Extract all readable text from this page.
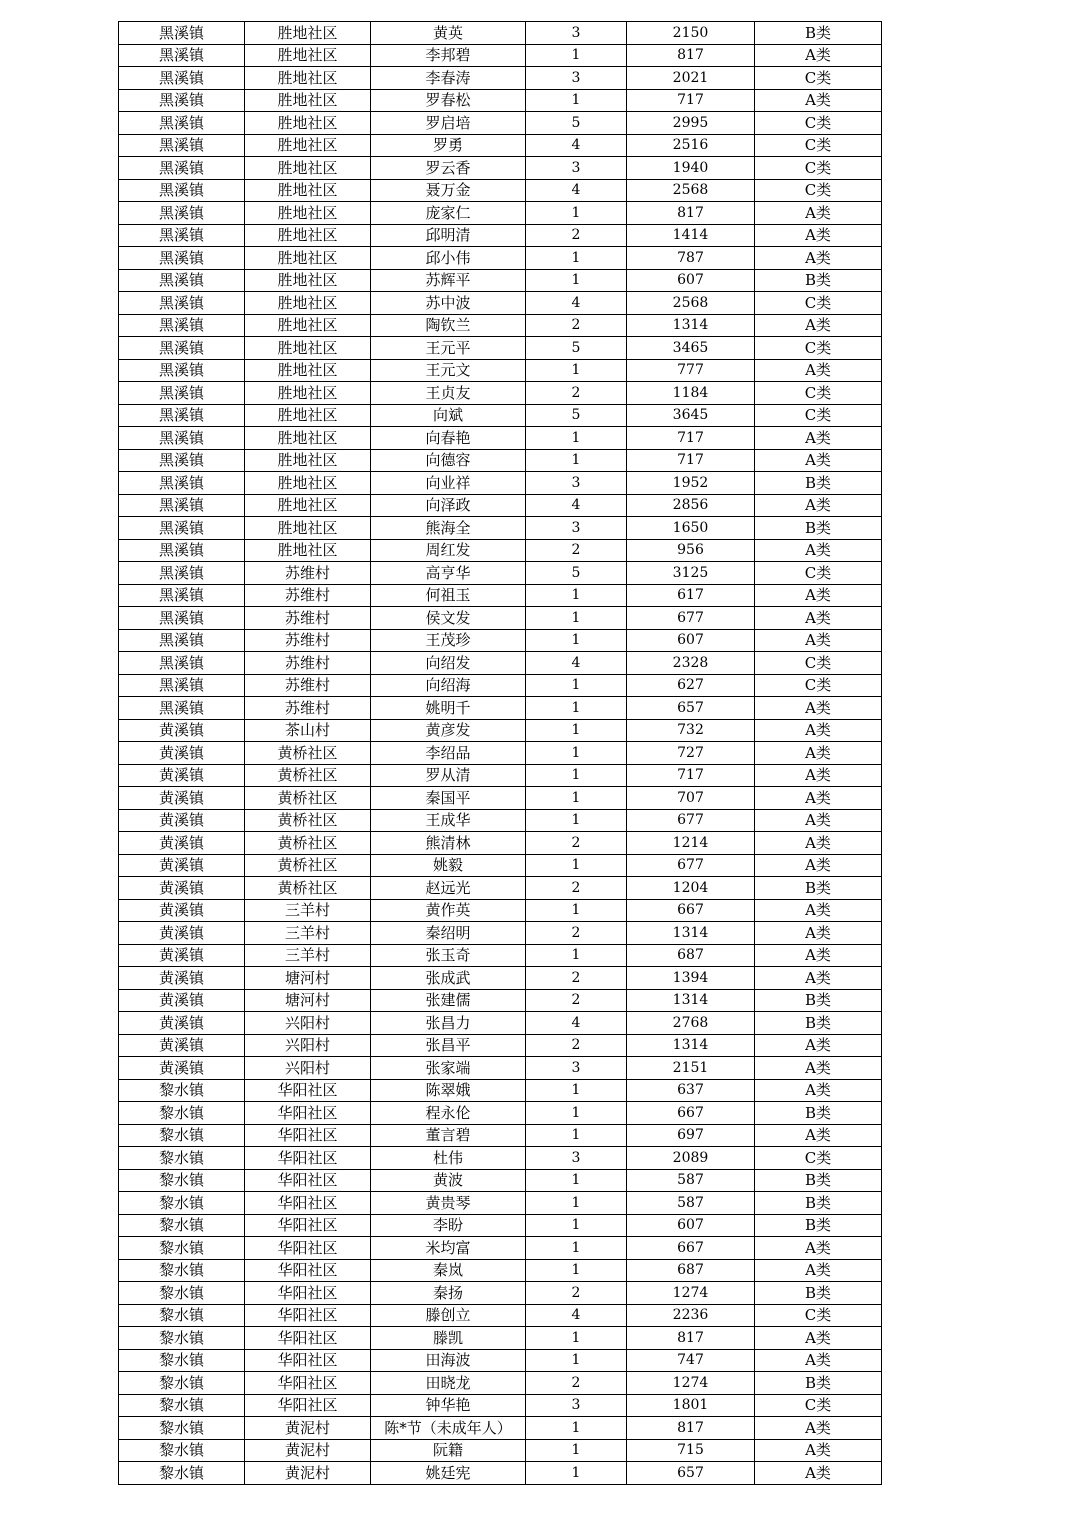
黑溪镇	胜地社区	黄英	3	2150	B类
黑溪镇	胜地社区	李邦碧	1	817	A类
黑溪镇	胜地社区	李春涛	3	2021	C类
黑溪镇	胜地社区	罗春松	1	717	A类
黑溪镇	胜地社区	罗启培	5	2995	C类
黑溪镇	胜地社区	罗勇	4	2516	C类
黑溪镇	胜地社区	罗云香	3	1940	C类
黑溪镇	胜地社区	聂万金	4	2568	C类
黑溪镇	胜地社区	庞家仁	1	817	A类
黑溪镇	胜地社区	邱明清	2	1414	A类
黑溪镇	胜地社区	邱小伟	1	787	A类
黑溪镇	胜地社区	苏辉平	1	607	B类
黑溪镇	胜地社区	苏中波	4	2568	C类
黑溪镇	胜地社区	陶钦兰	2	1314	A类
黑溪镇	胜地社区	王元平	5	3465	C类
黑溪镇	胜地社区	王元文	1	777	A类
黑溪镇	胜地社区	王贞友	2	1184	C类
黑溪镇	胜地社区	向斌	5	3645	C类
黑溪镇	胜地社区	向春艳	1	717	A类
黑溪镇	胜地社区	向德容	1	717	A类
黑溪镇	胜地社区	向业祥	3	1952	B类
黑溪镇	胜地社区	向泽政	4	2856	A类
黑溪镇	胜地社区	熊海全	3	1650	B类
黑溪镇	胜地社区	周红发	2	956	A类
黑溪镇	苏维村	高亨华	5	3125	C类
黑溪镇	苏维村	何祖玉	1	617	A类
黑溪镇	苏维村	侯文发	1	677	A类
黑溪镇	苏维村	王茂珍	1	607	A类
黑溪镇	苏维村	向绍发	4	2328	C类
黑溪镇	苏维村	向绍海	1	627	C类
黑溪镇	苏维村	姚明千	1	657	A类
黄溪镇	茶山村	黄彦发	1	732	A类
黄溪镇	黄桥社区	李绍品	1	727	A类
黄溪镇	黄桥社区	罗从清	1	717	A类
黄溪镇	黄桥社区	秦国平	1	707	A类
黄溪镇	黄桥社区	王成华	1	677	A类
黄溪镇	黄桥社区	熊清林	2	1214	A类
黄溪镇	黄桥社区	姚毅	1	677	A类
黄溪镇	黄桥社区	赵远光	2	1204	B类
黄溪镇	三羊村	黄作英	1	667	A类
黄溪镇	三羊村	秦绍明	2	1314	A类
黄溪镇	三羊村	张玉奇	1	687	A类
黄溪镇	塘河村	张成武	2	1394	A类
黄溪镇	塘河村	张建儒	2	1314	B类
黄溪镇	兴阳村	张昌力	4	2768	B类
黄溪镇	兴阳村	张昌平	2	1314	A类
黄溪镇	兴阳村	张家端	3	2151	A类
黎水镇	华阳社区	陈翠娥	1	637	A类
黎水镇	华阳社区	程永伦	1	667	B类
黎水镇	华阳社区	董言碧	1	697	A类
黎水镇	华阳社区	杜伟	3	2089	C类
黎水镇	华阳社区	黄波	1	587	B类
黎水镇	华阳社区	黄贵琴	1	587	B类
黎水镇	华阳社区	李盼	1	607	B类
黎水镇	华阳社区	米均富	1	667	A类
黎水镇	华阳社区	秦岚	1	687	A类
黎水镇	华阳社区	秦扬	2	1274	B类
黎水镇	华阳社区	滕创立	4	2236	C类
黎水镇	华阳社区	滕凯	1	817	A类
黎水镇	华阳社区	田海波	1	747	A类
黎水镇	华阳社区	田晓龙	2	1274	B类
黎水镇	华阳社区	钟华艳	3	1801	C类
黎水镇	黄泥村	陈*节（未成年人）	1	817	A类
黎水镇	黄泥村	阮籍	1	715	A类
黎水镇	黄泥村	姚廷宪	1	657	A类
